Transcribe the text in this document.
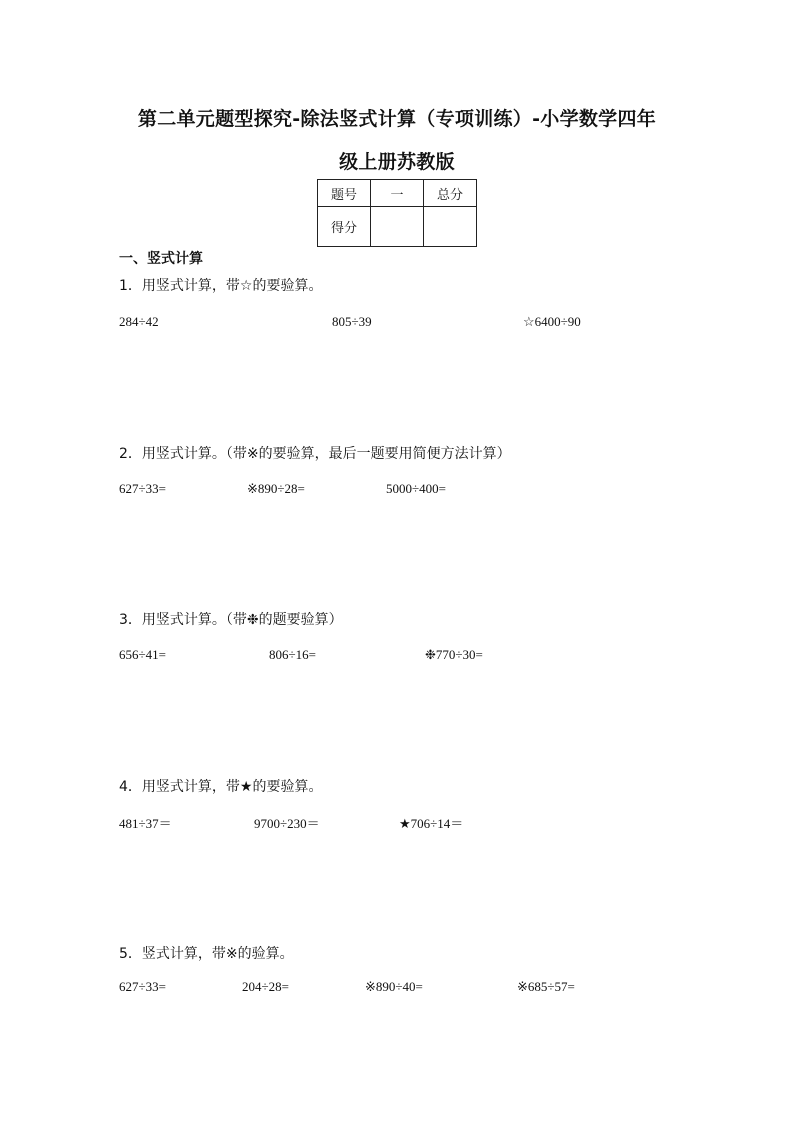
第二单元题型探究-除法竖式计算（专项训练）-小学数学四年
级上册苏教版
题号	一	总分
得分		
一、竖式计算
1．用竖式计算，带☆的要验算。
284÷42	805÷39	☆6400÷90
2．用竖式计算。（带※的要验算，最后一题要用简便方法计算）
627÷33=	※890÷28=	5000÷400=
3．用竖式计算。（带❉的题要验算）
656÷41=	806÷16=	❉770÷30=
4．用竖式计算，带★的要验算。
481÷37＝	9700÷230＝	★706÷14＝
5．竖式计算，带※的验算。
627÷33=	204÷28=	※890÷40=	※685÷57=
